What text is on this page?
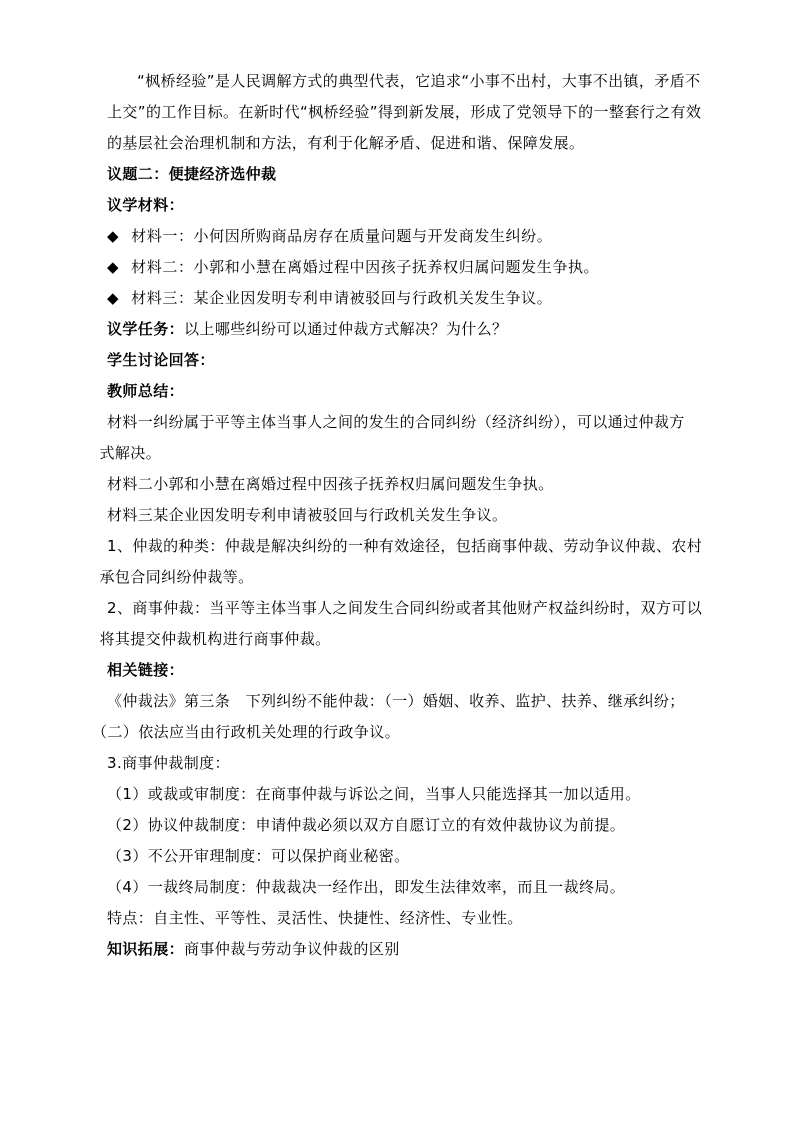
“枫桥经验”是人民调解方式的典型代表，它追求“小事不出村，大事不出镇，矛盾不

上交”的工作目标。在新时代“枫桥经验”得到新发展，形成了党领导下的一整套行之有效

的基层社会治理机制和方法，有利于化解矛盾、促进和谐、保障发展。

议题二：便捷经济选仲裁

议学材料：

◆ 材料一：小何因所购商品房存在质量问题与开发商发生纠纷。

◆ 材料二：小郭和小慧在离婚过程中因孩子抚养权归属问题发生争执。

◆ 材料三：某企业因发明专利申请被驳回与行政机关发生争议。

议学任务：以上哪些纠纷可以通过仲裁方式解决？为什么？

学生讨论回答：

教师总结：

材料一纠纷属于平等主体当事人之间的发生的合同纠纷（经济纠纷），可以通过仲裁方

式解决。

材料二小郭和小慧在离婚过程中因孩子抚养权归属问题发生争执。

材料三某企业因发明专利申请被驳回与行政机关发生争议。

1、仲裁的种类：仲裁是解决纠纷的一种有效途径，包括商事仲裁、劳动争议仲裁、农村

承包合同纠纷仲裁等。

2、商事仲裁：当平等主体当事人之间发生合同纠纷或者其他财产权益纠纷时，双方可以

将其提交仲裁机构进行商事仲裁。

相关链接：

《仲裁法》第三条　下列纠纷不能仲裁：（一）婚姻、收养、监护、扶养、继承纠纷；

（二）依法应当由行政机关处理的行政争议。

3.商事仲裁制度：

（1）或裁或审制度：在商事仲裁与诉讼之间，当事人只能选择其一加以适用。

（2）协议仲裁制度：申请仲裁必须以双方自愿订立的有效仲裁协议为前提。

（3）不公开审理制度：可以保护商业秘密。

（4）一裁终局制度：仲裁裁决一经作出，即发生法律效率，而且一裁终局。

特点：自主性、平等性、灵活性、快捷性、经济性、专业性。

知识拓展：商事仲裁与劳动争议仲裁的区别
